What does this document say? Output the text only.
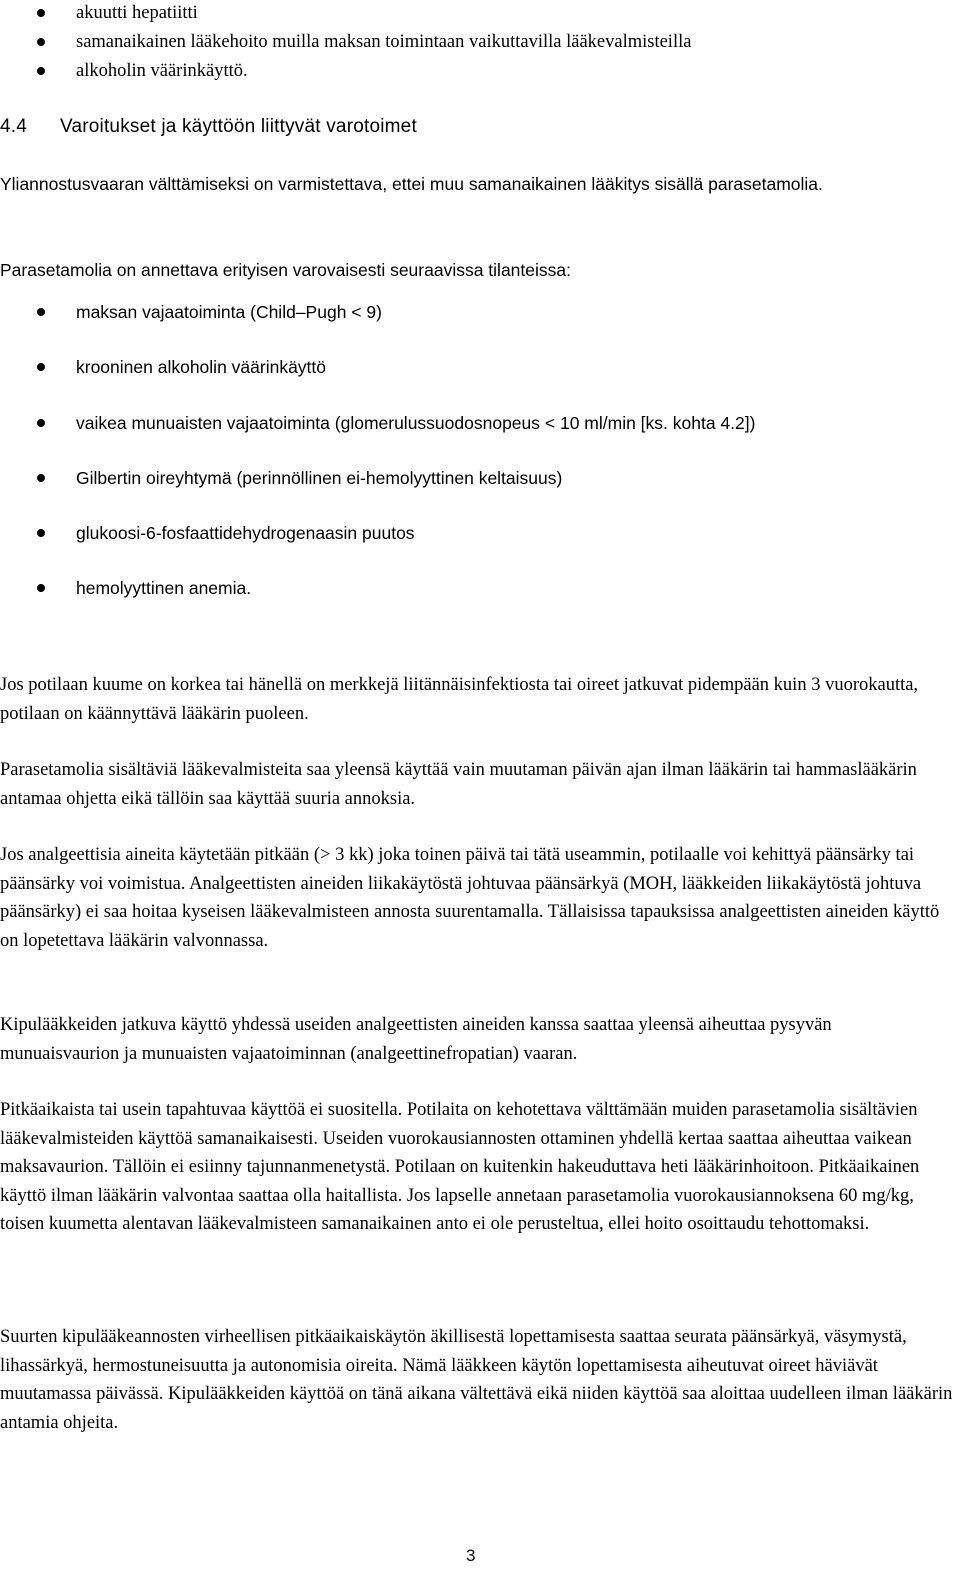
akuutti hepatiitti
samanaikainen lääkehoito muilla maksan toimintaan vaikuttavilla lääkevalmisteilla
alkoholin väärinkäyttö.
4.4 Varoitukset ja käyttöön liittyvät varotoimet

Yliannostusvaaran välttämiseksi on varmistettava, ettei muu samanaikainen lääkitys sisällä parasetamolia.

Parasetamolia on annettava erityisen varovaisesti seuraavissa tilanteissa:

maksan vajaatoiminta (Child–Pugh < 9)
krooninen alkoholin väärinkäyttö
vaikea munuaisten vajaatoiminta (glomerulussuodosnopeus < 10 ml/min [ks. kohta 4.2])
Gilbertin oireyhtymä (perinnöllinen ei-hemolyyttinen keltaisuus)
glukoosi-6-fosfaattidehydrogenaasin puutos
hemolyyttinen anemia.

Jos potilaan kuume on korkea tai hänellä on merkkejä liitännäisinfektiosta tai oireet jatkuvat pidempään kuin 3 vuorokautta, potilaan on käännyttävä lääkärin puoleen.

Parasetamolia sisältäviä lääkevalmisteita saa yleensä käyttää vain muutaman päivän ajan ilman lääkärin tai hammaslääkärin antamaa ohjetta eikä tällöin saa käyttää suuria annoksia.

Jos analgeettisia aineita käytetään pitkään (> 3 kk) joka toinen päivä tai tätä useammin, potilaalle voi kehittyä päänsärky tai päänsärky voi voimistua. Analgeettisten aineiden liikakäytöstä johtuvaa päänsärkyä (MOH, lääkkeiden liikakäytöstä johtuva päänsärky) ei saa hoitaa kyseisen lääkevalmisteen annosta suurentamalla. Tällaisissa tapauksissa analgeettisten aineiden käyttö on lopetettava lääkärin valvonnassa.

Kipulääkkeiden jatkuva käyttö yhdessä useiden analgeettisten aineiden kanssa saattaa yleensä aiheuttaa pysyvän munuaisvaurion ja munuaisten vajaatoiminnan (analgeettinefropatian) vaaran.

Pitkäaikaista tai usein tapahtuvaa käyttöä ei suositella. Potilaita on kehotettava välttämään muiden parasetamolia sisältävien lääkevalmisteiden käyttöä samanaikaisesti. Useiden vuorokausiannosten ottaminen yhdellä kertaa saattaa aiheuttaa vaikean maksavaurion. Tällöin ei esiinny tajunnanmenetystä. Potilaan on kuitenkin hakeuduttava heti lääkärinhoitoon. Pitkäaikainen käyttö ilman lääkärin valvontaa saattaa olla haitallista. Jos lapselle annetaan parasetamolia vuorokausiannoksena 60 mg/kg, toisen kuumetta alentavan lääkevalmisteen samanaikainen anto ei ole perusteltua, ellei hoito osoittaudu tehottomaksi.

Suurten kipulääkeannosten virheellisen pitkäaikaiskäytön äkillisestä lopettamisesta saattaa seurata päänsärkyä, väsymystä, lihassärkyä, hermostuneisuutta ja autonomisia oireita. Nämä lääkkeen käytön lopettamisesta aiheutuvat oireet häviävät muutamassa päivässä. Kipulääkkeiden käyttöä on tänä aikana vältettävä eikä niiden käyttöä saa aloittaa uudelleen ilman lääkärin antamia ohjeita.

3
